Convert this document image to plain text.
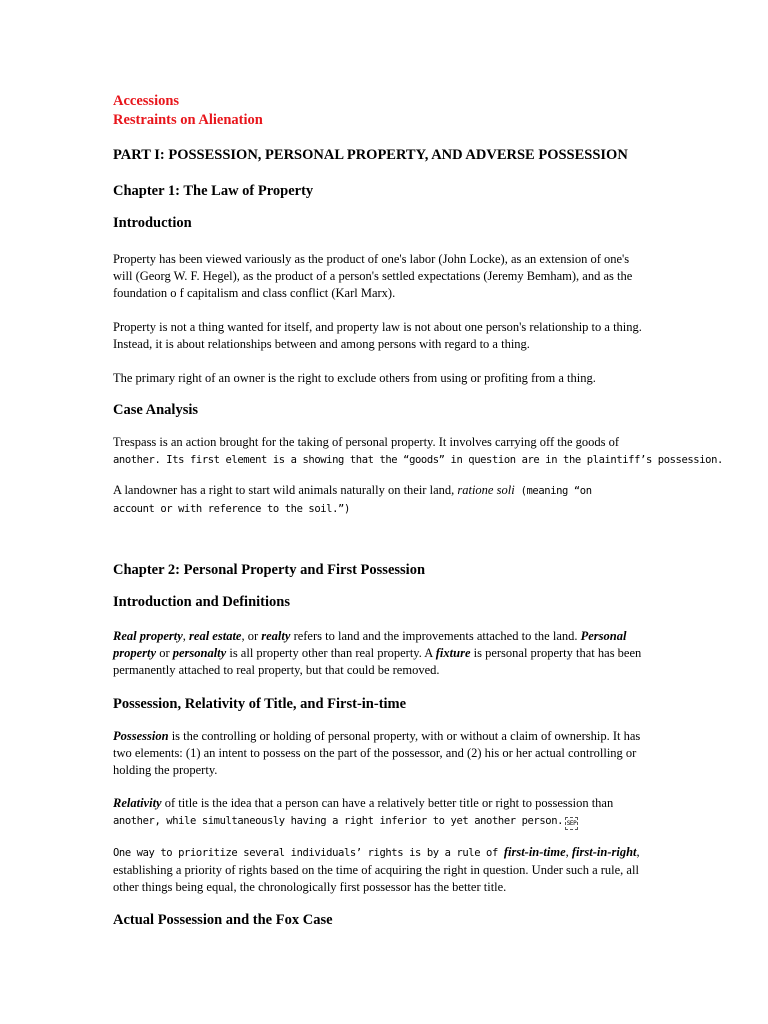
Accessions
Restraints on Alienation
PART I: POSSESSION, PERSONAL PROPERTY, AND ADVERSE POSSESSION
Chapter 1: The Law of Property
Introduction

Property has been viewed variously as the product of one's labor (John Locke), as an extension of one's will (Georg W. F. Hegel), as the product of a person's settled expectations (Jeremy Bemham), and as the foundation o f capitalism and class conflict (Karl Marx).

Property is not a thing wanted for itself, and property law is not about one person's relationship to a thing. Instead, it is about relationships between and among persons with regard to a thing.

The primary right of an owner is the right to exclude others from using or profiting from a thing.

Case Analysis

Trespass is an action brought for the taking of personal property. It involves carrying off the goods of

another. Its first element is a showing that the “goods” in question are in the plaintiff’s possession.

A landowner has a right to start wild animals naturally on their land, ratione soli (meaning “on

account or with reference to the soil.”)

Chapter 2: Personal Property and First Possession
Introduction and Definitions

Real property, real estate, or realty refers to land and the improvements attached to the land. Personal property or personalty is all property other than real property. A fixture is personal property that has been permanently attached to real property, but that could be removed.

Possession, Relativity of Title, and First-in-time

Possession is the controlling or holding of personal property, with or without a claim of ownership. It has two elements: (1) an intent to possess on the part of the possessor, and (2) his or her actual controlling or holding the property.

Relativity of title is the idea that a person can have a relatively better title or right to possession than

another, while simultaneously having a right inferior to yet another person. SEP

One way to prioritize several individuals’ rights is by a rule of first-in-time, first-in-right, establishing a priority of rights based on the time of acquiring the right in question. Under such a rule, all other things being equal, the chronologically first possessor has the better title.

Actual Possession and the Fox Case
